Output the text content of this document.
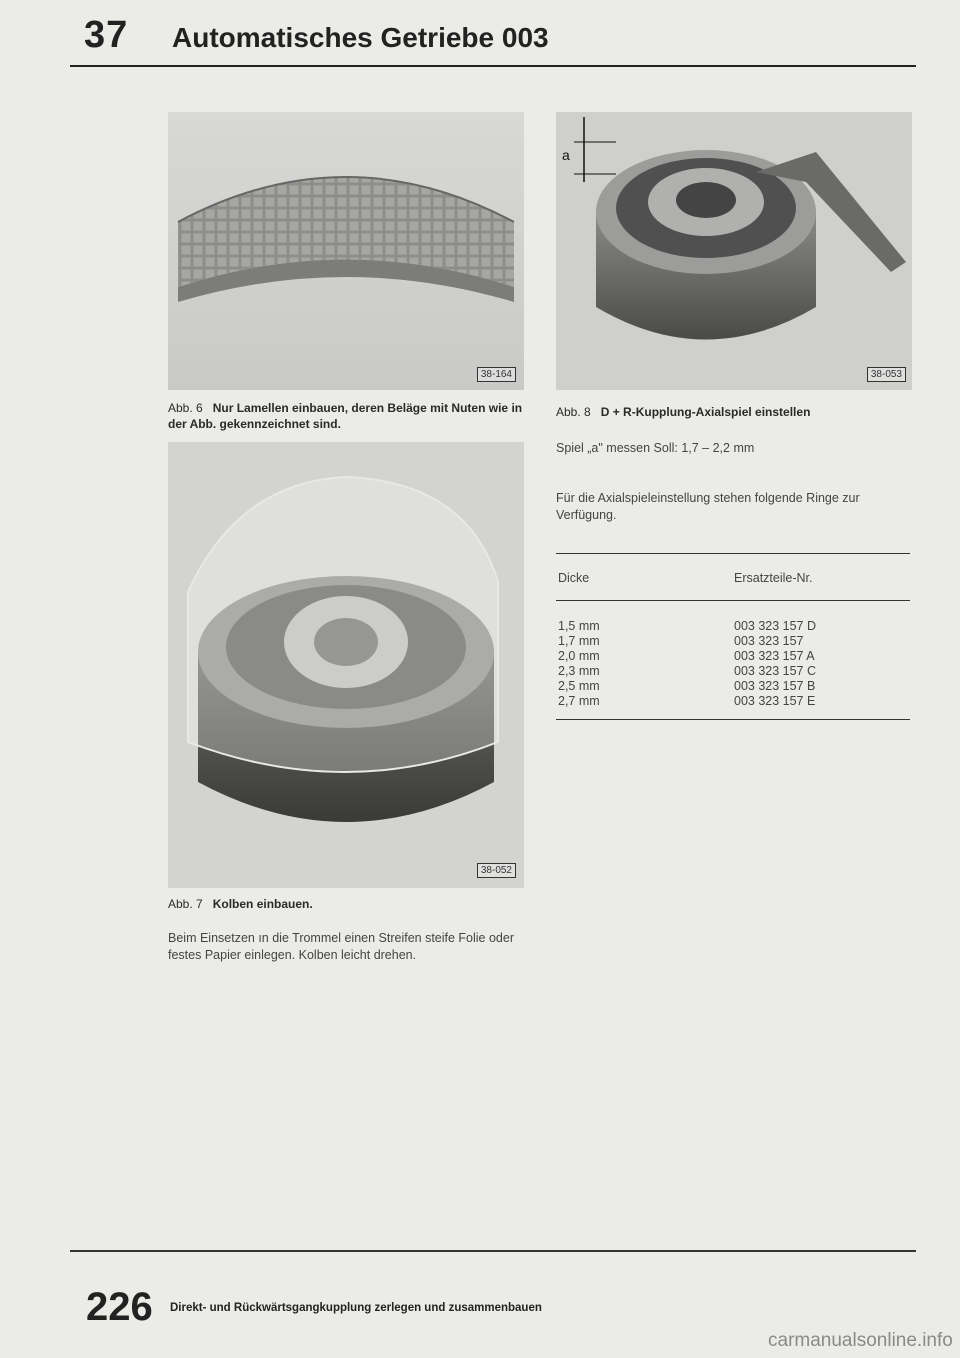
37 Automatisches Getriebe 003
38-164
Abb. 6 Nur Lamellen einbauen, deren Beläge mit Nuten wie in der Abb. gekennzeichnet sind.
38-052
Abb. 7 Kolben einbauen.
Beim Einsetzen ın die Trommel einen Streifen steife Folie oder festes Papier einlegen. Kolben leicht drehen.
a
38-053
Abb. 8 D + R-Kupplung-Axialspiel einstellen
Spiel „a" messen Soll: 1,7 – 2,2 mm
Für die Axialspieleinstellung stehen folgende Ringe zur Verfügung.
Dicke	Ersatzteile-Nr.
1,5 mm	003 323 157 D
1,7 mm	003 323 157
2,0 mm	003 323 157 A
2,3 mm	003 323 157 C
2,5 mm	003 323 157 B
2,7 mm	003 323 157 E
226 Direkt- und Rückwärtsgangkupplung zerlegen und zusammenbauen
carmanualsonline.info
